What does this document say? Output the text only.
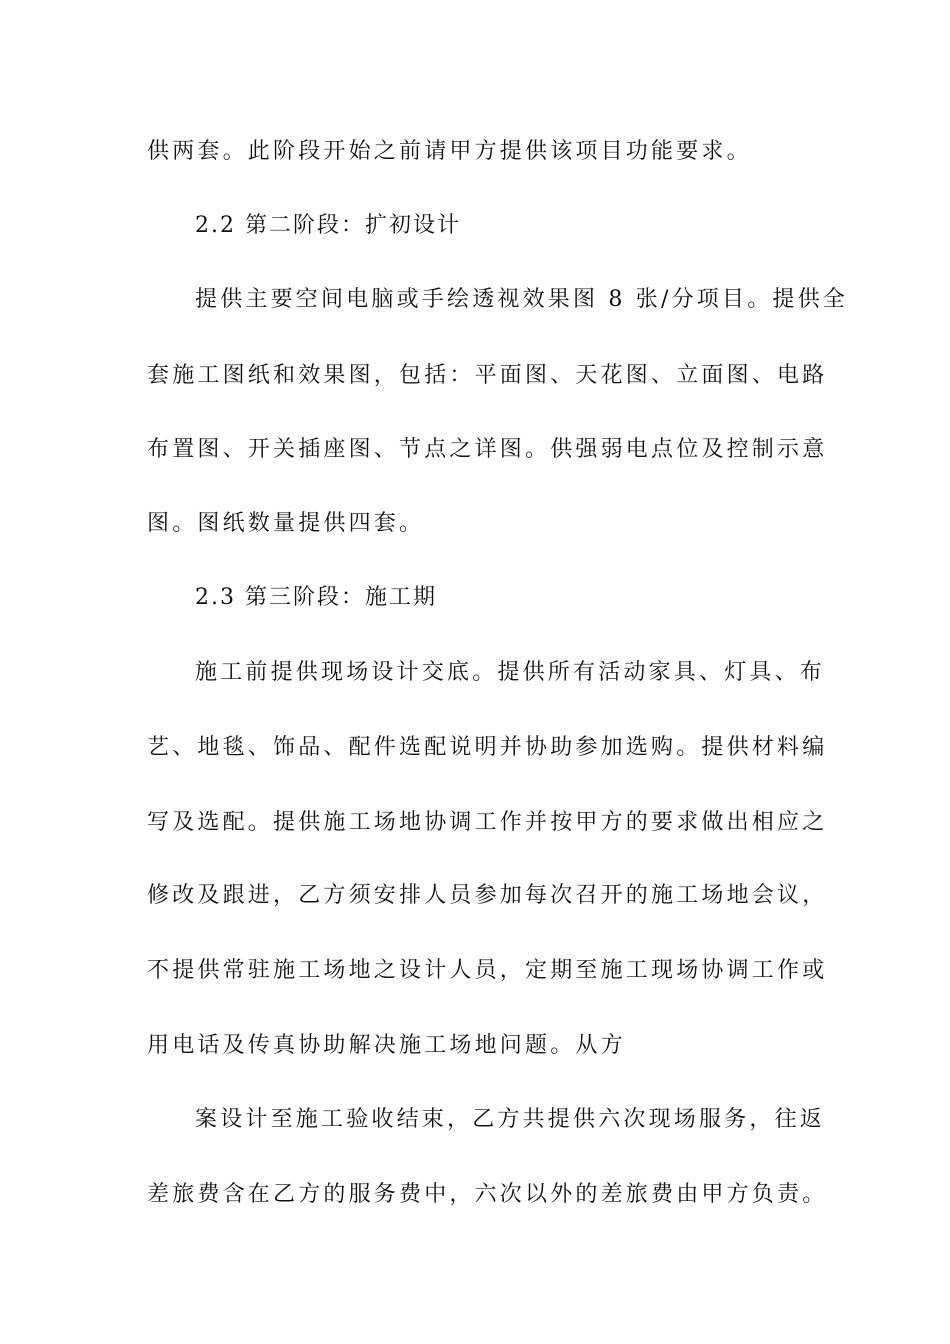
供两套。此阶段开始之前请甲方提供该项目功能要求。
2.2 第二阶段：扩初设计
提供主要空间电脑或手绘透视效果图 8 张/分项目。提供全
套施工图纸和效果图，包括：平面图、天花图、立面图、电路
布置图、开关插座图、节点之详图。供强弱电点位及控制示意
图。图纸数量提供四套。
2.3 第三阶段：施工期
施工前提供现场设计交底。提供所有活动家具、灯具、布
艺、地毯、饰品、配件选配说明并协助参加选购。提供材料编
写及选配。提供施工场地协调工作并按甲方的要求做出相应之
修改及跟进，乙方须安排人员参加每次召开的施工场地会议，
不提供常驻施工场地之设计人员，定期至施工现场协调工作或
用电话及传真协助解决施工场地问题。从方
案设计至施工验收结束，乙方共提供六次现场服务，往返
差旅费含在乙方的服务费中，六次以外的差旅费由甲方负责。
